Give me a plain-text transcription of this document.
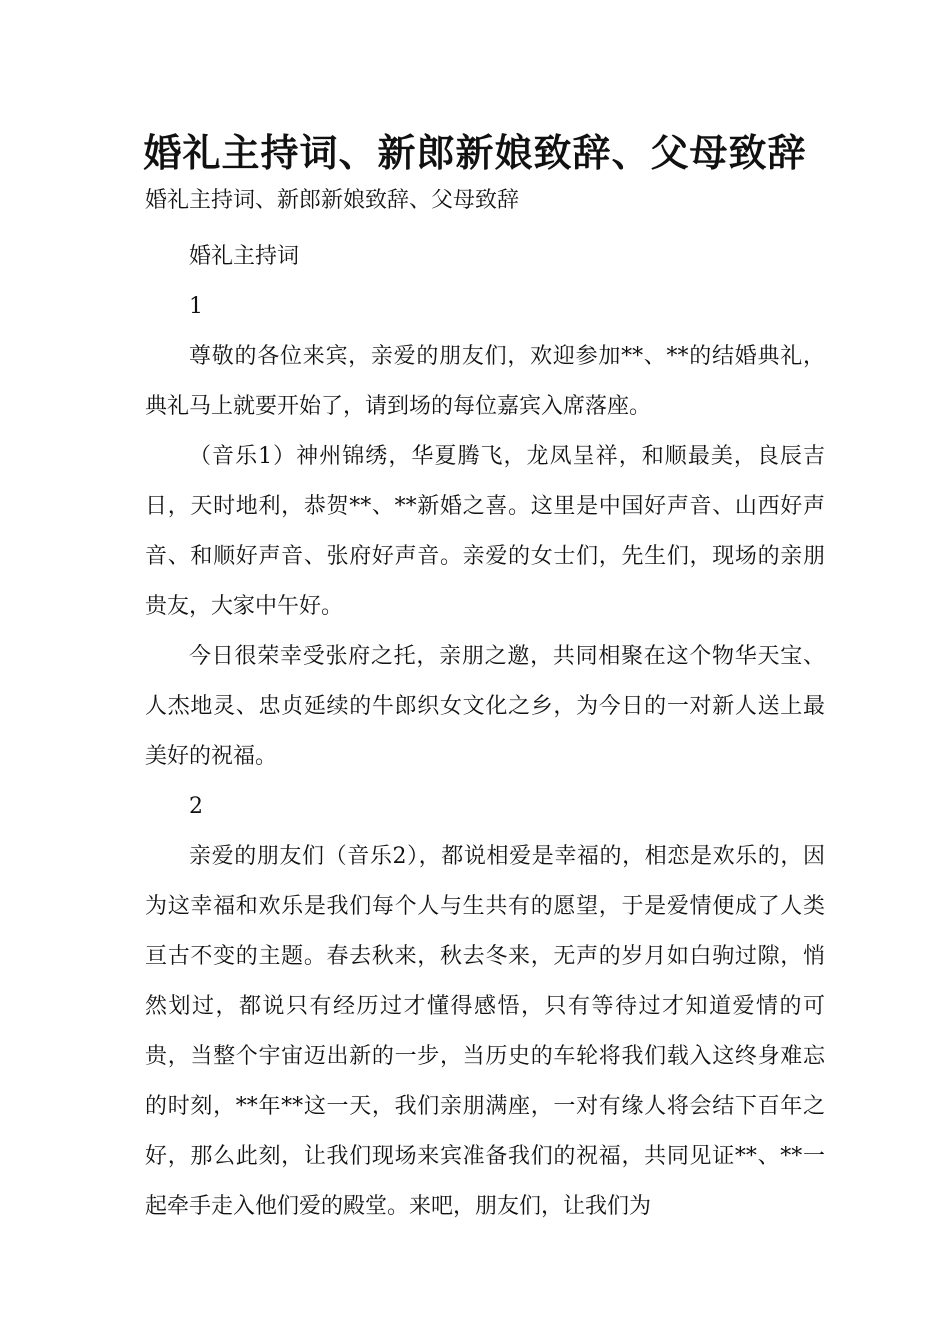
婚礼主持词、新郎新娘致辞、父母致辞

婚礼主持词、新郎新娘致辞、父母致辞

婚礼主持词

1

尊敬的各位来宾，亲爱的朋友们，欢迎参加**、**的结婚典礼，典礼马上就要开始了，请到场的每位嘉宾入席落座。

（音乐1）神州锦绣，华夏腾飞，龙凤呈祥，和顺最美，良辰吉日，天时地利，恭贺**、**新婚之喜。这里是中国好声音、山西好声音、和顺好声音、张府好声音。亲爱的女士们，先生们，现场的亲朋贵友，大家中午好。

今日很荣幸受张府之托，亲朋之邀，共同相聚在这个物华天宝、人杰地灵、忠贞延续的牛郎织女文化之乡，为今日的一对新人送上最美好的祝福。

2

亲爱的朋友们（音乐2），都说相爱是幸福的，相恋是欢乐的，因为这幸福和欢乐是我们每个人与生共有的愿望，于是爱情便成了人类亘古不变的主题。春去秋来，秋去冬来，无声的岁月如白驹过隙，悄然划过，都说只有经历过才懂得感悟，只有等待过才知道爱情的可贵，当整个宇宙迈出新的一步，当历史的车轮将我们载入这终身难忘的时刻，**年**这一天，我们亲朋满座，一对有缘人将会结下百年之好，那么此刻，让我们现场来宾准备我们的祝福，共同见证**、**一起牵手走入他们爱的殿堂。来吧，朋友们，让我们为
